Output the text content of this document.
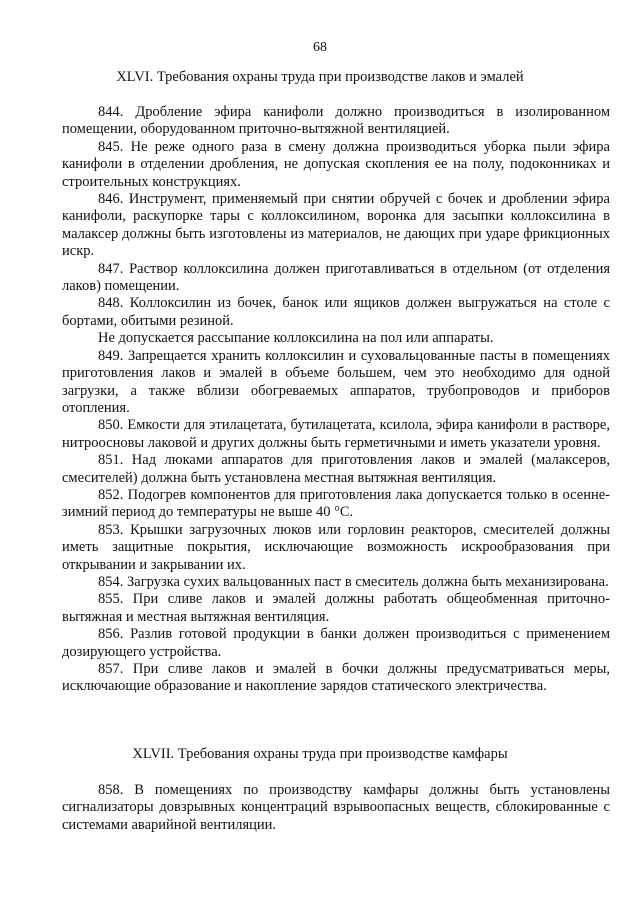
68
XLVI. Требования охраны труда при производстве лаков и эмалей

844. Дробление эфира канифоли должно производиться в изолированном помещении, оборудованном приточно-вытяжной вентиляцией.

845. Не реже одного раза в смену должна производиться уборка пыли эфира канифоли в отделении дробления, не допуская скопления ее на полу, подоконниках и строительных конструкциях.

846. Инструмент, применяемый при снятии обручей с бочек и дроблении эфира канифоли, раскупорке тары с коллоксилином, воронка для засыпки коллоксилина в малаксер должны быть изготовлены из материалов, не дающих при ударе фрикционных искр.

847. Раствор коллоксилина должен приготавливаться в отдельном (от отделения лаков) помещении.

848. Коллоксилин из бочек, банок или ящиков должен выгружаться на столе с бортами, обитыми резиной.

Не допускается рассыпание коллоксилина на пол или аппараты.

849. Запрещается хранить коллоксилин и суховальцованные пасты в помещениях приготовления лаков и эмалей в объеме большем, чем это необходимо для одной загрузки, а также вблизи обогреваемых аппаратов, трубопроводов и приборов отопления.

850. Емкости для этилацетата, бутилацетата, ксилола, эфира канифоли в растворе, нитроосновы лаковой и других должны быть герметичными и иметь указатели уровня.

851. Над люками аппаратов для приготовления лаков и эмалей (малаксеров, смесителей) должна быть установлена местная вытяжная вентиляция.

852. Подогрев компонентов для приготовления лака допускается только в осенне-зимний период до температуры не выше 40 °C.

853. Крышки загрузочных люков или горловин реакторов, смесителей должны иметь защитные покрытия, исключающие возможность искрообразования при открывании и закрывании их.

854. Загрузка сухих вальцованных паст в смеситель должна быть механизирована.

855. При сливе лаков и эмалей должны работать общеобменная приточно-вытяжная и местная вытяжная вентиляция.

856. Разлив готовой продукции в банки должен производиться с применением дозирующего устройства.

857. При сливе лаков и эмалей в бочки должны предусматриваться меры, исключающие образование и накопление зарядов статического электричества.

XLVII. Требования охраны труда при производстве камфары

858. В помещениях по производству камфары должны быть установлены сигнализаторы довзрывных концентраций взрывоопасных веществ, сблокированные с системами аварийной вентиляции.
